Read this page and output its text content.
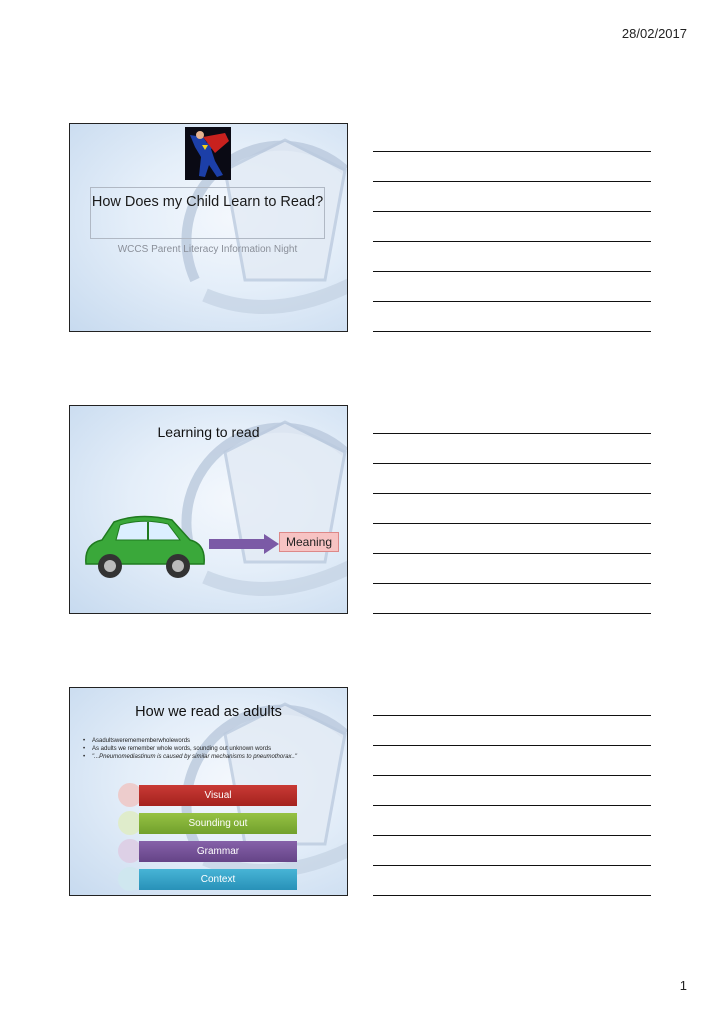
28/02/2017
How Does my Child Learn to Read?
WCCS Parent Literacy Information Night
Learning to read
Meaning
How we read as adults
• Asadultsweremememberwholewords
• As adults we remember whole words, sounding out unknown words
• "...Pneumomediastinum is caused by similar mechanisms to pneumothorax.."
Visual
Sounding out
Grammar
Context
1
